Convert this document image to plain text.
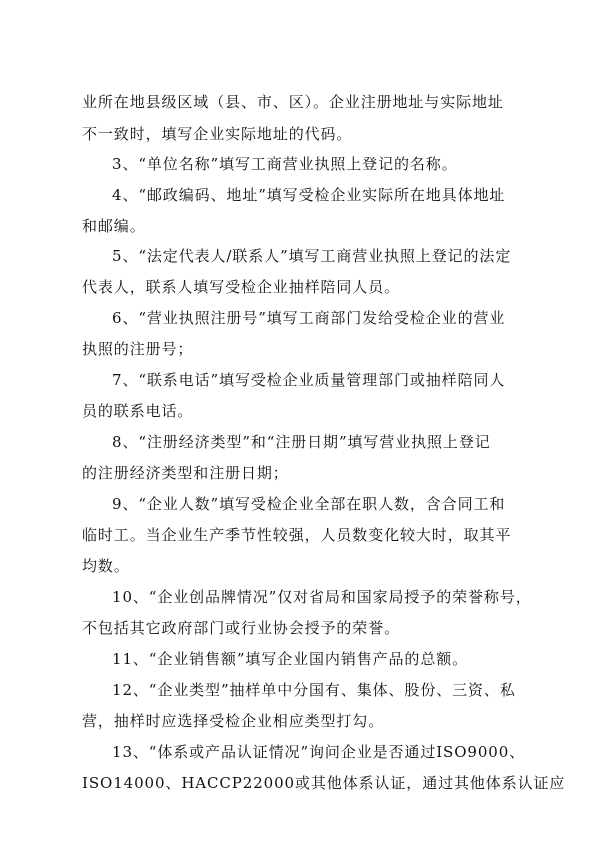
业所在地县级区域（县、市、区）。企业注册地址与实际地址
不一致时，填写企业实际地址的代码。
3、“单位名称”填写工商营业执照上登记的名称。
4、“邮政编码、地址”填写受检企业实际所在地具体地址
和邮编。
5、“法定代表人/联系人”填写工商营业执照上登记的法定
代表人，联系人填写受检企业抽样陪同人员。
6、“营业执照注册号”填写工商部门发给受检企业的营业
执照的注册号；
7、“联系电话”填写受检企业质量管理部门或抽样陪同人
员的联系电话。
8、“注册经济类型”和“注册日期”填写营业执照上登记
的注册经济类型和注册日期；
9、“企业人数”填写受检企业全部在职人数，含合同工和
临时工。当企业生产季节性较强，人员数变化较大时，取其平
均数。
10、“企业创品牌情况”仅对省局和国家局授予的荣誉称号，
不包括其它政府部门或行业协会授予的荣誉。
11、“企业销售额”填写企业国内销售产品的总额。
12、“企业类型”抽样单中分国有、集体、股份、三资、私
营，抽样时应选择受检企业相应类型打勾。
13、“体系或产品认证情况”询问企业是否通过ISO9000、
ISO14000、HACCP22000或其他体系认证，通过其他体系认证应
